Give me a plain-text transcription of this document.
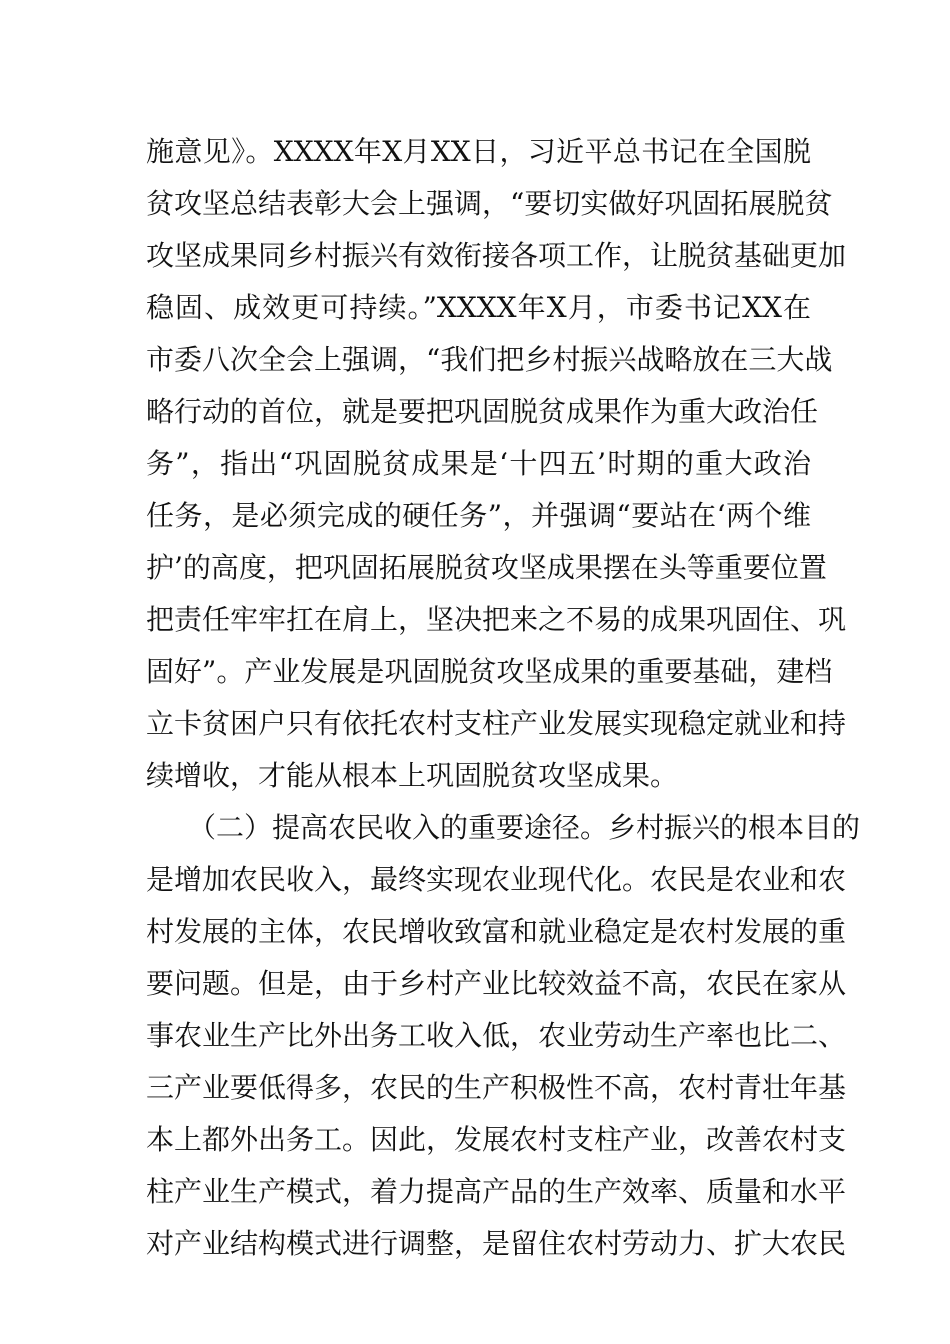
施意见》。XXXX年X月XX日，习近平总书记在全国脱
贫攻坚总结表彰大会上强调，“要切实做好巩固拓展脱贫
攻坚成果同乡村振兴有效衔接各项工作，让脱贫基础更加
稳固、成效更可持续。”XXXX年X月，市委书记XX在
市委八次全会上强调，“我们把乡村振兴战略放在三大战
略行动的首位，就是要把巩固脱贫成果作为重大政治任
务”，指出“巩固脱贫成果是‘十四五’时期的重大政治
任务，是必须完成的硬任务”，并强调“要站在‘两个维
护’的高度，把巩固拓展脱贫攻坚成果摆在头等重要位置
把责任牢牢扛在肩上，坚决把来之不易的成果巩固住、巩
固好”。产业发展是巩固脱贫攻坚成果的重要基础，建档
立卡贫困户只有依托农村支柱产业发展实现稳定就业和持
续增收，才能从根本上巩固脱贫攻坚成果。
（二）提高农民收入的重要途径。乡村振兴的根本目的
是增加农民收入，最终实现农业现代化。农民是农业和农
村发展的主体，农民增收致富和就业稳定是农村发展的重
要问题。但是，由于乡村产业比较效益不高，农民在家从
事农业生产比外出务工收入低，农业劳动生产率也比二、
三产业要低得多，农民的生产积极性不高，农村青壮年基
本上都外出务工。因此，发展农村支柱产业，改善农村支
柱产业生产模式，着力提高产品的生产效率、质量和水平
对产业结构模式进行调整，是留住农村劳动力、扩大农民
